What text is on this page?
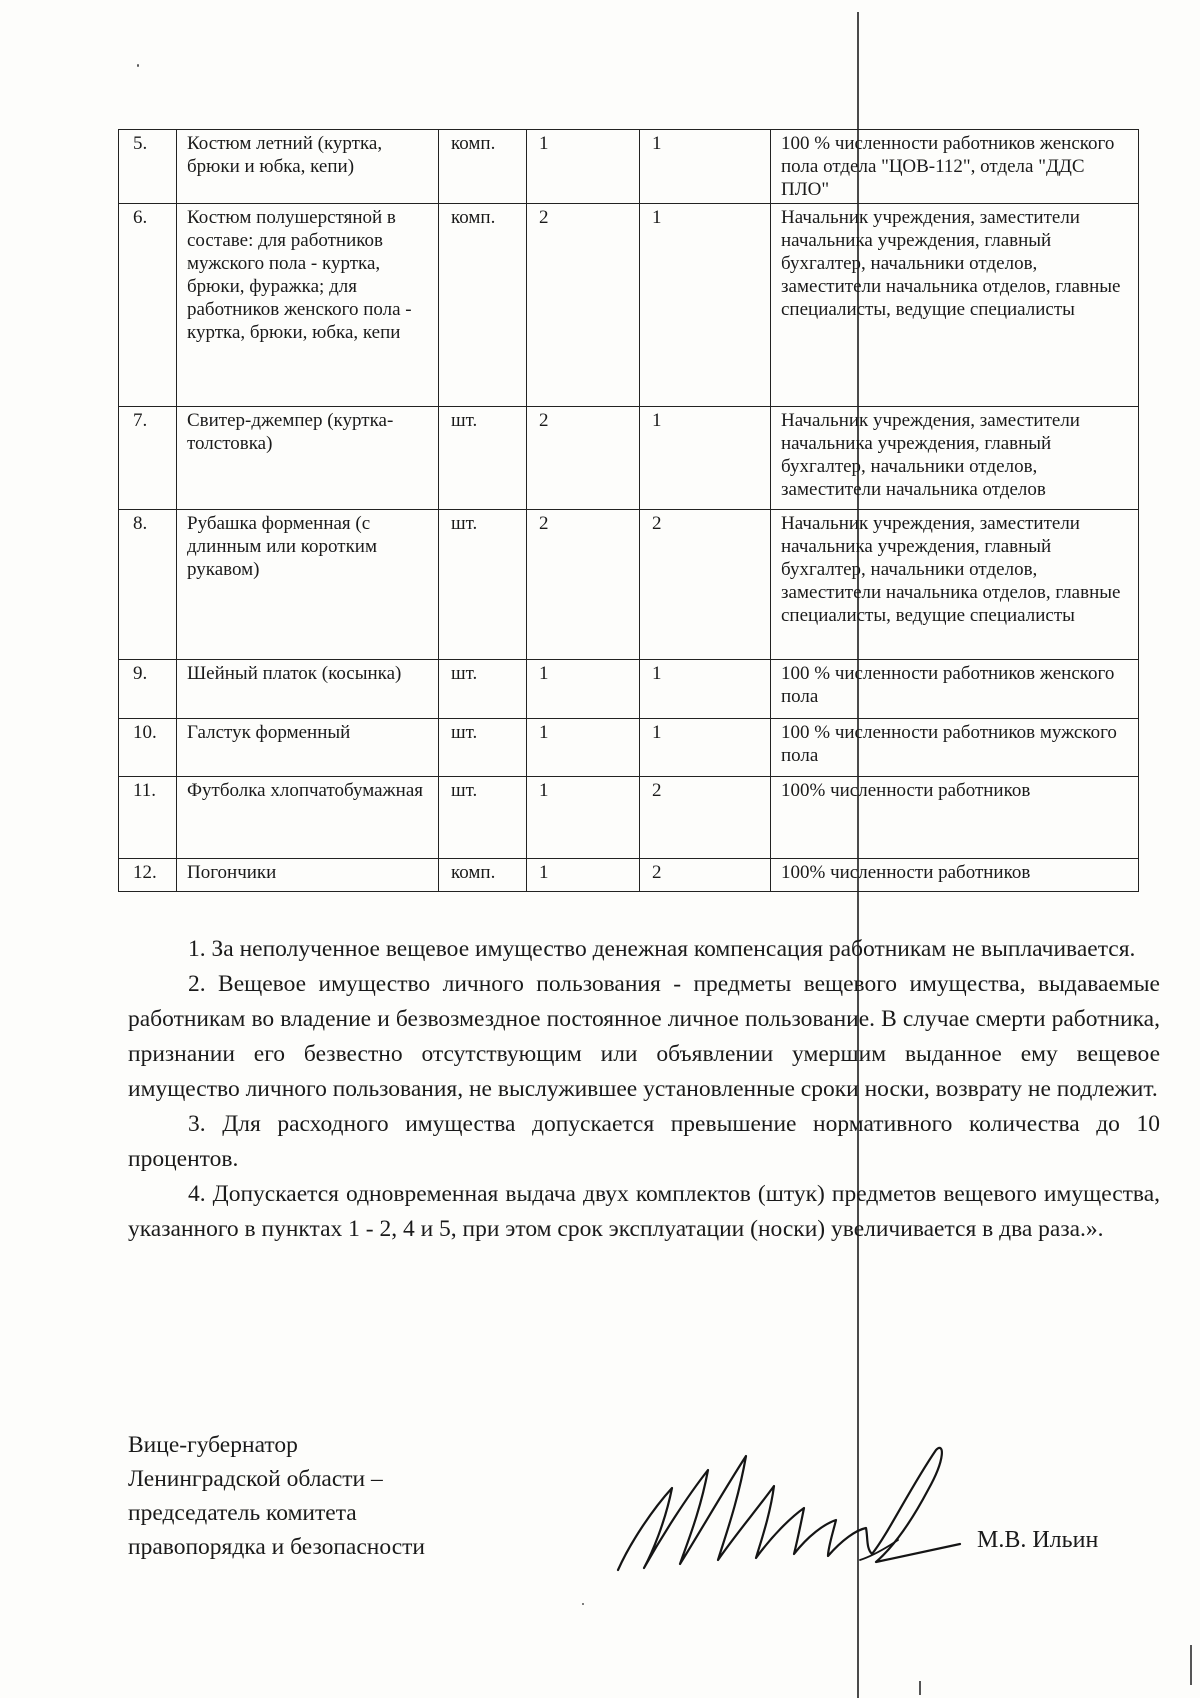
5.	Костюм летний (куртка, брюки и юбка, кепи)	комп.	1	1	100 % численности работников женского пола отдела "ЦОВ-112", отдела "ДДС ПЛО"
6.	Костюм полушерстяной в составе: для работников мужского пола - куртка, брюки, фуражка; для работников женского пола - куртка, брюки, юбка, кепи	комп.	2	1	Начальник учреждения, заместители начальника учреждения, главный бухгалтер, начальники отделов, заместители начальника отделов, главные специалисты, ведущие специалисты
7.	Свитер-джемпер (куртка-толстовка)	шт.	2	1	Начальник учреждения, заместители начальника учреждения, главный бухгалтер, начальники отделов, заместители начальника отделов
8.	Рубашка форменная (с длинным или коротким рукавом)	шт.	2	2	Начальник учреждения, заместители начальника учреждения, главный бухгалтер, начальники отделов, заместители начальника отделов, главные специалисты, ведущие специалисты
9.	Шейный платок (косынка)	шт.	1	1	100 % численности работников женского пола
10.	Галстук форменный	шт.	1	1	100 % численности работников мужского пола
11.	Футболка хлопчатобумажная	шт.	1	2	100% численности работников
12.	Погончики	комп.	1	2	100% численности работников

1. За неполученное вещевое имущество денежная компенсация работникам не выплачивается.

2. Вещевое имущество личного пользования - предметы вещевого имущества, выдаваемые работникам во владение и безвозмездное постоянное личное пользование. В случае смерти работника, признании его безвестно отсутствующим или объявлении умершим выданное ему вещевое имущество личного пользования, не выслужившее установленные сроки носки, возврату не подлежит.

3. Для расходного имущества допускается превышение нормативного количества до 10 процентов.

4. Допускается одновременная выдача двух комплектов (штук) предметов вещевого имущества, указанного в пунктах 1 - 2, 4 и 5, при этом срок эксплуатации (носки) увеличивается в два раза.».

Вице-губернатор
Ленинградской области –
председатель комитета
правопорядка и безопасности	М.В. Ильин
